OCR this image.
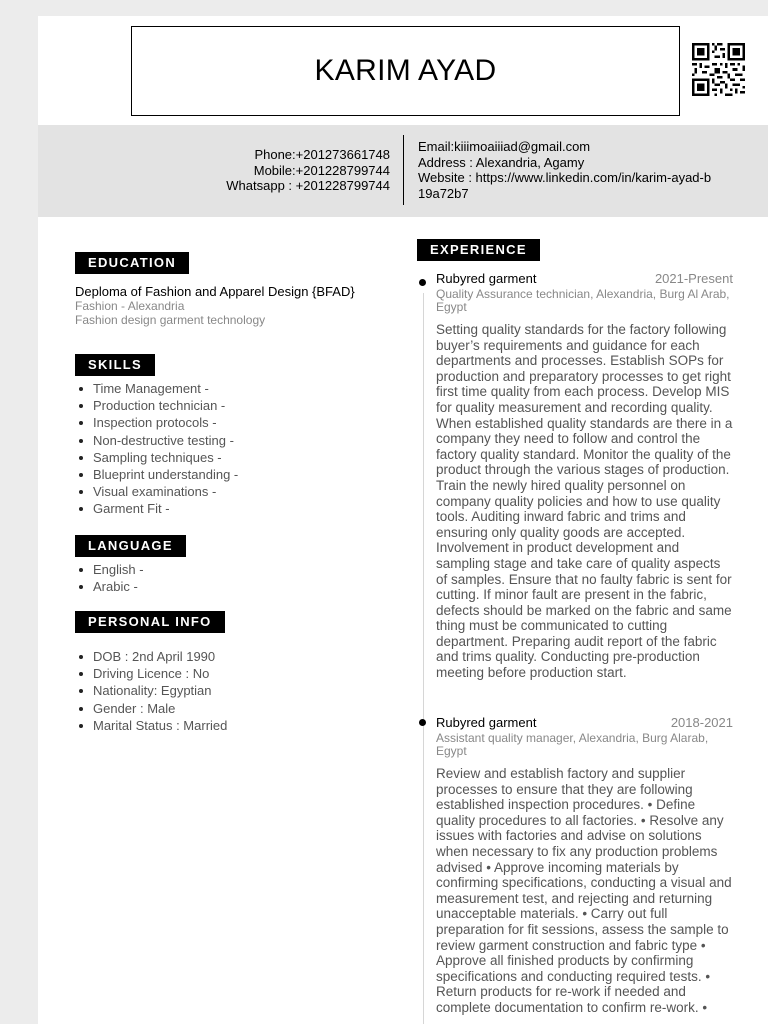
KARIM AYAD
Phone:+201273661748
Mobile:+201228799744
Whatsapp : +201228799744
Email:kiiimoaiiiad@gmail.com
Address : Alexandria, Agamy
Website : https://www.linkedin.com/in/karim-ayad-b19a72b7
EDUCATION
Deploma of Fashion and Apparel Design {BFAD}
Fashion - Alexandria
Fashion design garment technology
SKILLS
Time Management -
Production technician -
Inspection protocols -
Non-destructive testing -
Sampling techniques -
Blueprint understanding -
Visual examinations -
Garment Fit -
LANGUAGE
English -
Arabic -
PERSONAL INFO
DOB : 2nd April 1990
Driving Licence : No
Nationality: Egyptian
Gender : Male
Marital Status : Married
EXPERIENCE
Rubyred garment	2021-Present
Quality Assurance technician, Alexandria, Burg Al Arab, Egypt
Setting quality standards for the factory following buyer’s requirements and guidance for each departments and processes. Establish SOPs for production and preparatory processes to get right first time quality from each process. Develop MIS for quality measurement and recording quality. When established quality standards are there in a company they need to follow and control the factory quality standard. Monitor the quality of the product through the various stages of production. Train the newly hired quality personnel on company quality policies and how to use quality tools. Auditing inward fabric and trims and ensuring only quality goods are accepted. Involvement in product development and sampling stage and take care of quality aspects of samples. Ensure that no faulty fabric is sent for cutting. If minor fault are present in the fabric, defects should be marked on the fabric and same thing must be communicated to cutting department. Preparing audit report of the fabric and trims quality. Conducting pre-production meeting before production start.
Rubyred garment	2018-2021
Assistant quality manager, Alexandria, Burg Alarab, Egypt
Review and establish factory and supplier processes to ensure that they are following established inspection procedures. • Define quality procedures to all factories. • Resolve any issues with factories and advise on solutions when necessary to fix any production problems advised • Approve incoming materials by confirming specifications, conducting a visual and measurement test, and rejecting and returning unacceptable materials. • Carry out full preparation for fit sessions, assess the sample to review garment construction and fabric type • Approve all finished products by confirming specifications and conducting required tests. • Return products for re-work if needed and complete documentation to confirm re-work. •
